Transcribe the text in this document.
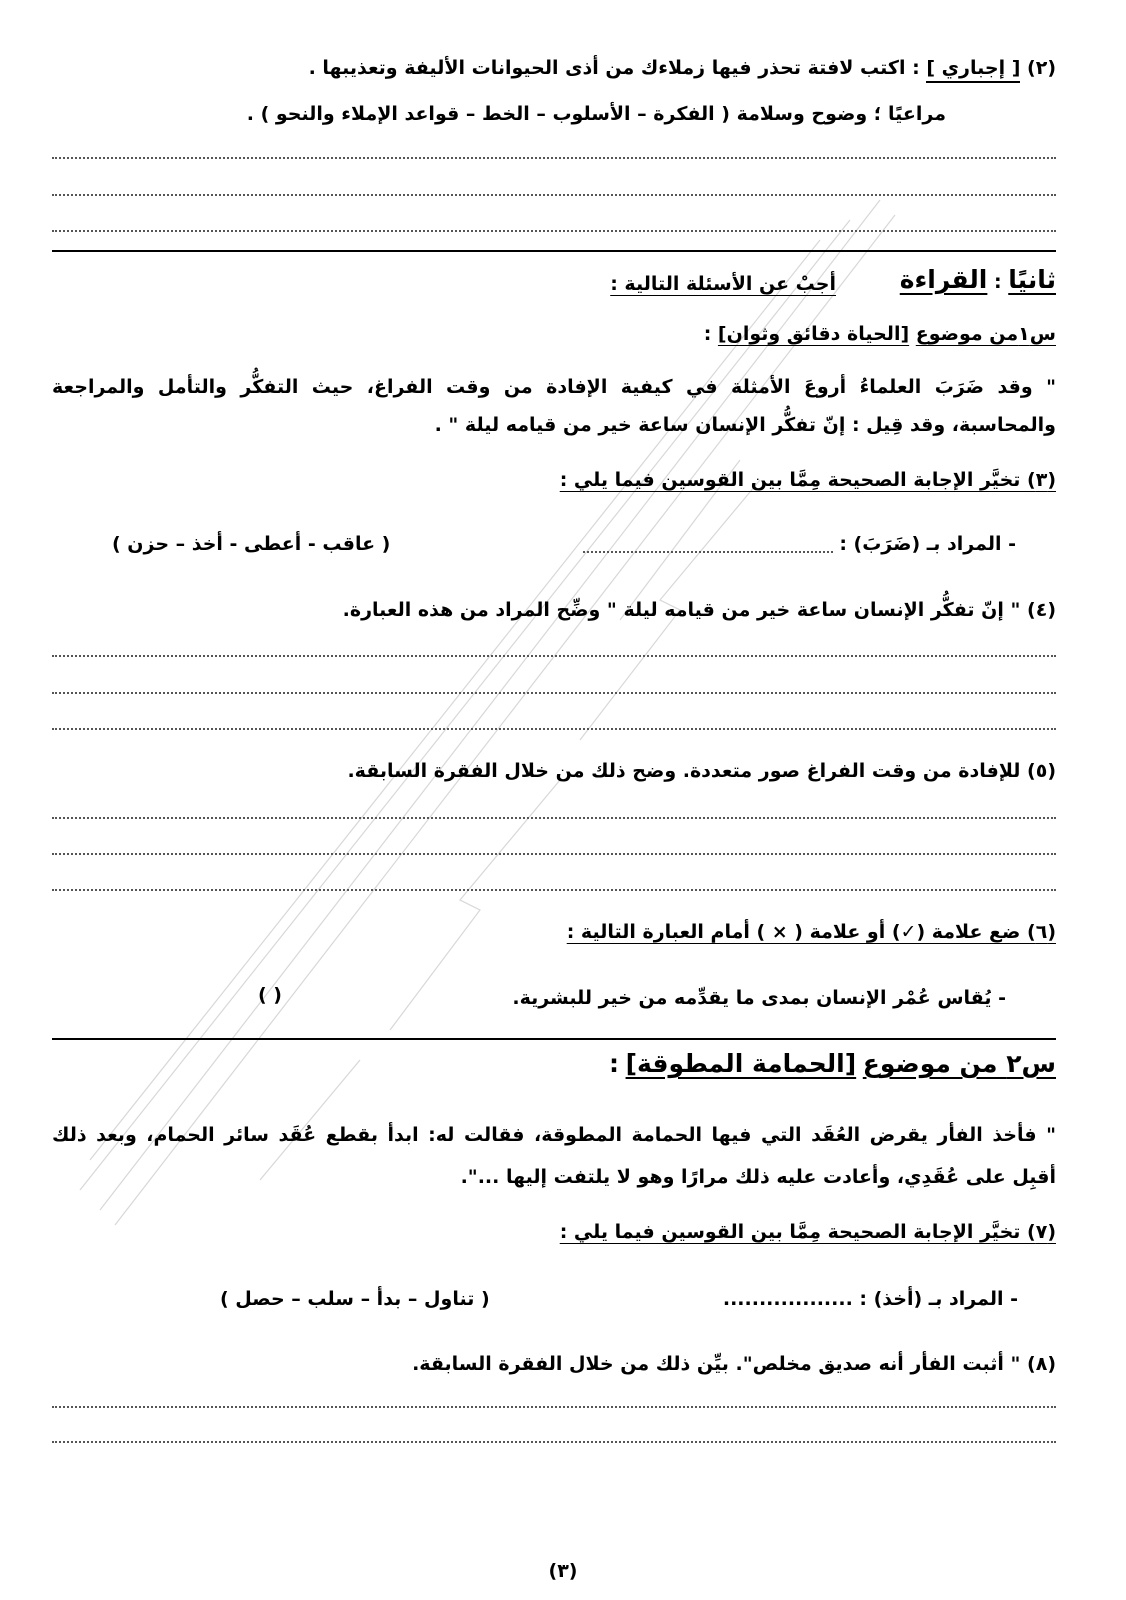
(٢) [ إجباري ] : اكتب لافتة تحذر فيها زملاءك من أذى الحيوانات الأليفة وتعذيبها .
مراعيًا ؛ وضوح وسلامة ( الفكرة – الأسلوب – الخط – قواعد الإملاء والنحو ) .
ثانيًا : القراءة
أجبْ عن الأسئلة التالية :
س١من موضوع [الحياة دقائق وثوان] :
" وقد ضَرَبَ العلماءُ أروعَ الأمثلة في كيفية الإفادة من وقت الفراغ، حيث التفكُّر والتأمل والمراجعة والمحاسبة، وقد قِيل : إنّ تفكُّر الإنسان ساعة خير من قيامه ليلة " .
(٣) تخيَّر الإجابة الصحيحة مِمَّا بين القوسين فيما يلي :
- المراد بـ (ضَرَبَ) :
( عاقب - أعطى - أخذ – حزن )
(٤) " إنّ تفكُّر الإنسان ساعة خير من قيامه ليلة " وضِّح المراد من هذه العبارة.
(٥) للإفادة من وقت الفراغ صور متعددة. وضح ذلك من خلال الفقرة السابقة.
(٦) ضع علامة (✓) أو علامة ( × ) أمام العبارة التالية :
- يُقاس عُمْر الإنسان بمدى ما يقدِّمه من خير للبشرية.
( )
س٢ من موضوع [الحمامة المطوقة] :
" فأخذ الفأر يقرض العُقَد التي فيها الحمامة المطوقة، فقالت له: ابدأ بقطع عُقَد سائر الحمام، وبعد ذلك أقبِل على عُقَدِي، وأعادت عليه ذلك مرارًا وهو لا يلتفت إليها ...".
(٧) تخيَّر الإجابة الصحيحة مِمَّا بين القوسين فيما يلي :
- المراد بـ (أخذ) : ..................
( تناول – بدأ – سلب – حصل )
(٨) " أثبت الفأر أنه صديق مخلص". بيِّن ذلك من خلال الفقرة السابقة.
(٣)
